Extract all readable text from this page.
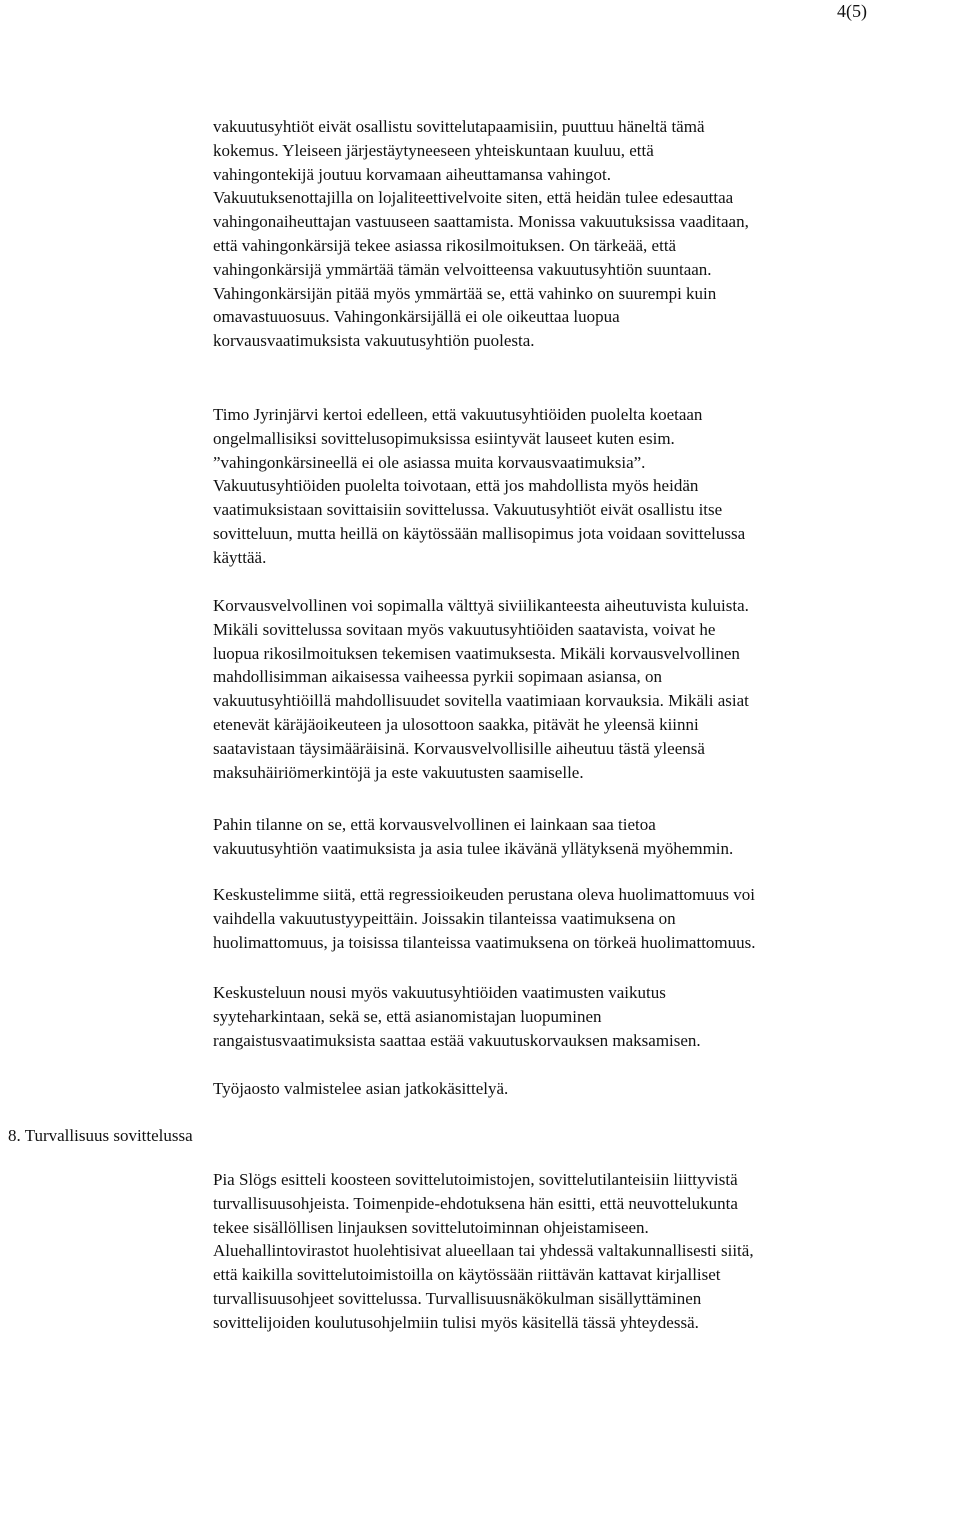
4(5)

vakuutusyhtiöt eivät osallistu sovittelutapaamisiin, puuttuu häneltä tämä
kokemus. Yleiseen järjestäytyneeseen yhteiskuntaan kuuluu, että
vahingontekijä joutuu korvamaan aiheuttamansa vahingot.
Vakuutuksenottajilla on lojaliteettivelvoite siten, että heidän tulee edesauttaa
vahingonaiheuttajan vastuuseen saattamista. Monissa vakuutuksissa vaaditaan,
että vahingonkärsijä tekee asiassa rikosilmoituksen. On tärkeää, että
vahingonkärsijä ymmärtää tämän velvoitteensa vakuutusyhtiön suuntaan.
Vahingonkärsijän pitää myös ymmärtää se, että vahinko on suurempi kuin
omavastuuosuus. Vahingonkärsijällä ei ole oikeuttaa luopua
korvausvaatimuksista vakuutusyhtiön puolesta.

Timo Jyrinjärvi kertoi edelleen, että vakuutusyhtiöiden puolelta koetaan
ongelmallisiksi sovittelusopimuksissa esiintyvät lauseet kuten esim.
”vahingonkärsineellä ei ole asiassa muita korvausvaatimuksia”.
Vakuutusyhtiöiden puolelta toivotaan, että jos mahdollista myös heidän
vaatimuksistaan sovittaisiin sovittelussa. Vakuutusyhtiöt eivät osallistu itse
sovitteluun, mutta heillä on käytössään mallisopimus jota voidaan sovittelussa
käyttää.

Korvausvelvollinen voi sopimalla välttyä siviilikanteesta aiheutuvista kuluista.
Mikäli sovittelussa sovitaan myös vakuutusyhtiöiden saatavista, voivat he
luopua rikosilmoituksen tekemisen vaatimuksesta. Mikäli korvausvelvollinen
mahdollisimman aikaisessa vaiheessa pyrkii sopimaan asiansa, on
vakuutusyhtiöillä mahdollisuudet sovitella vaatimiaan korvauksia. Mikäli asiat
etenevät käräjäoikeuteen ja ulosottoon saakka, pitävät he yleensä kiinni
saatavistaan täysimääräisinä. Korvausvelvollisille aiheutuu tästä yleensä
maksuhäiriömerkintöjä ja este vakuutusten saamiselle.

Pahin tilanne on se, että korvausvelvollinen ei lainkaan saa tietoa
vakuutusyhtiön vaatimuksista ja asia tulee ikävänä yllätyksenä myöhemmin.

Keskustelimme siitä, että regressioikeuden perustana oleva huolimattomuus voi
vaihdella vakuutustyypeittäin. Joissakin tilanteissa vaatimuksena on
huolimattomuus, ja toisissa tilanteissa vaatimuksena on törkeä huolimattomuus.

Keskusteluun nousi myös vakuutusyhtiöiden vaatimusten vaikutus
syyteharkintaan, sekä se, että asianomistajan luopuminen
rangaistusvaatimuksista saattaa estää vakuutuskorvauksen maksamisen.

Työjaosto valmistelee asian jatkokäsittelyä.

8. Turvallisuus sovittelussa

Pia Slögs esitteli koosteen sovittelutoimistojen, sovittelutilanteisiin liittyvistä
turvallisuusohjeista. Toimenpide-ehdotuksena hän esitti, että neuvottelukunta
tekee sisällöllisen linjauksen sovittelutoiminnan ohjeistamiseen.
Aluehallintovirastot huolehtisivat alueellaan tai yhdessä valtakunnallisesti siitä,
että kaikilla sovittelutoimistoilla on käytössään riittävän kattavat kirjalliset
turvallisuusohjeet sovittelussa. Turvallisuusnäkökulman sisällyttäminen
sovittelijoiden koulutusohjelmiin tulisi myös käsitellä tässä yhteydessä.
